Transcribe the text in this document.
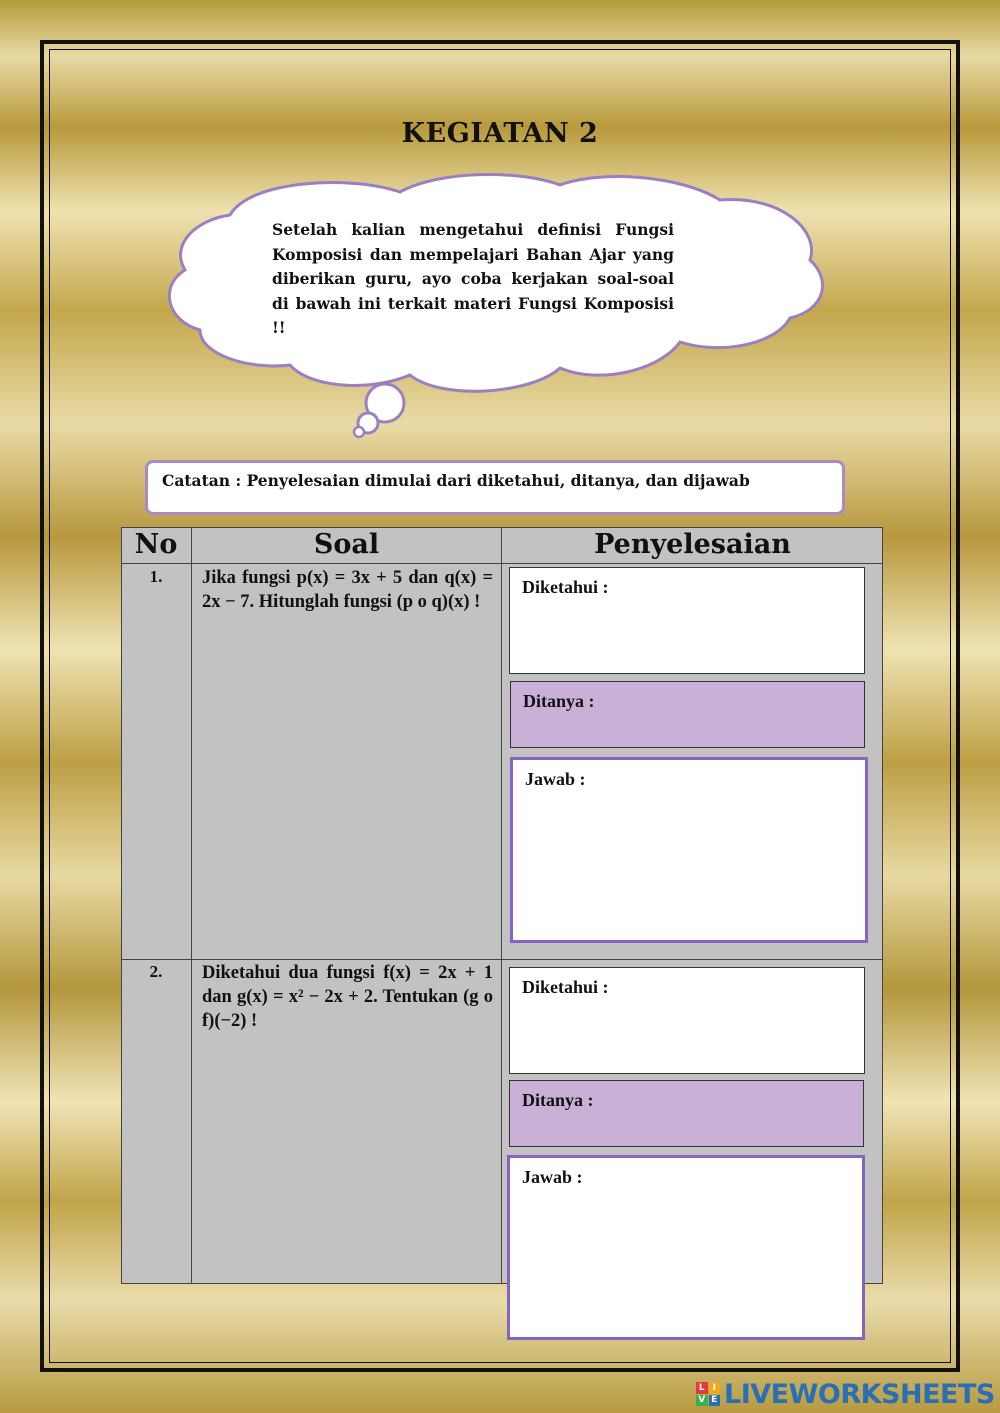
KEGIATAN 2
Setelah kalian mengetahui definisi Fungsi Komposisi dan mempelajari Bahan Ajar yang diberikan guru, ayo coba kerjakan soal-soal di bawah ini terkait materi Fungsi Komposisi !!
Catatan : Penyelesaian dimulai dari diketahui, ditanya, dan dijawab
No	Soal	Penyelesaian
1.	Jika fungsi p(x) = 3x + 5 dan q(x) = 2x − 7. Hitunglah fungsi (p o q)(x) !
Diketahui :
Ditanya :
Jawab :
2.	Diketahui dua fungsi f(x) = 2x + 1 dan g(x) = x² − 2x + 2. Tentukan (g o f)(−2) !
Diketahui :
Ditanya :
Jawab :
L I
V E LIVEWORKSHEETS
